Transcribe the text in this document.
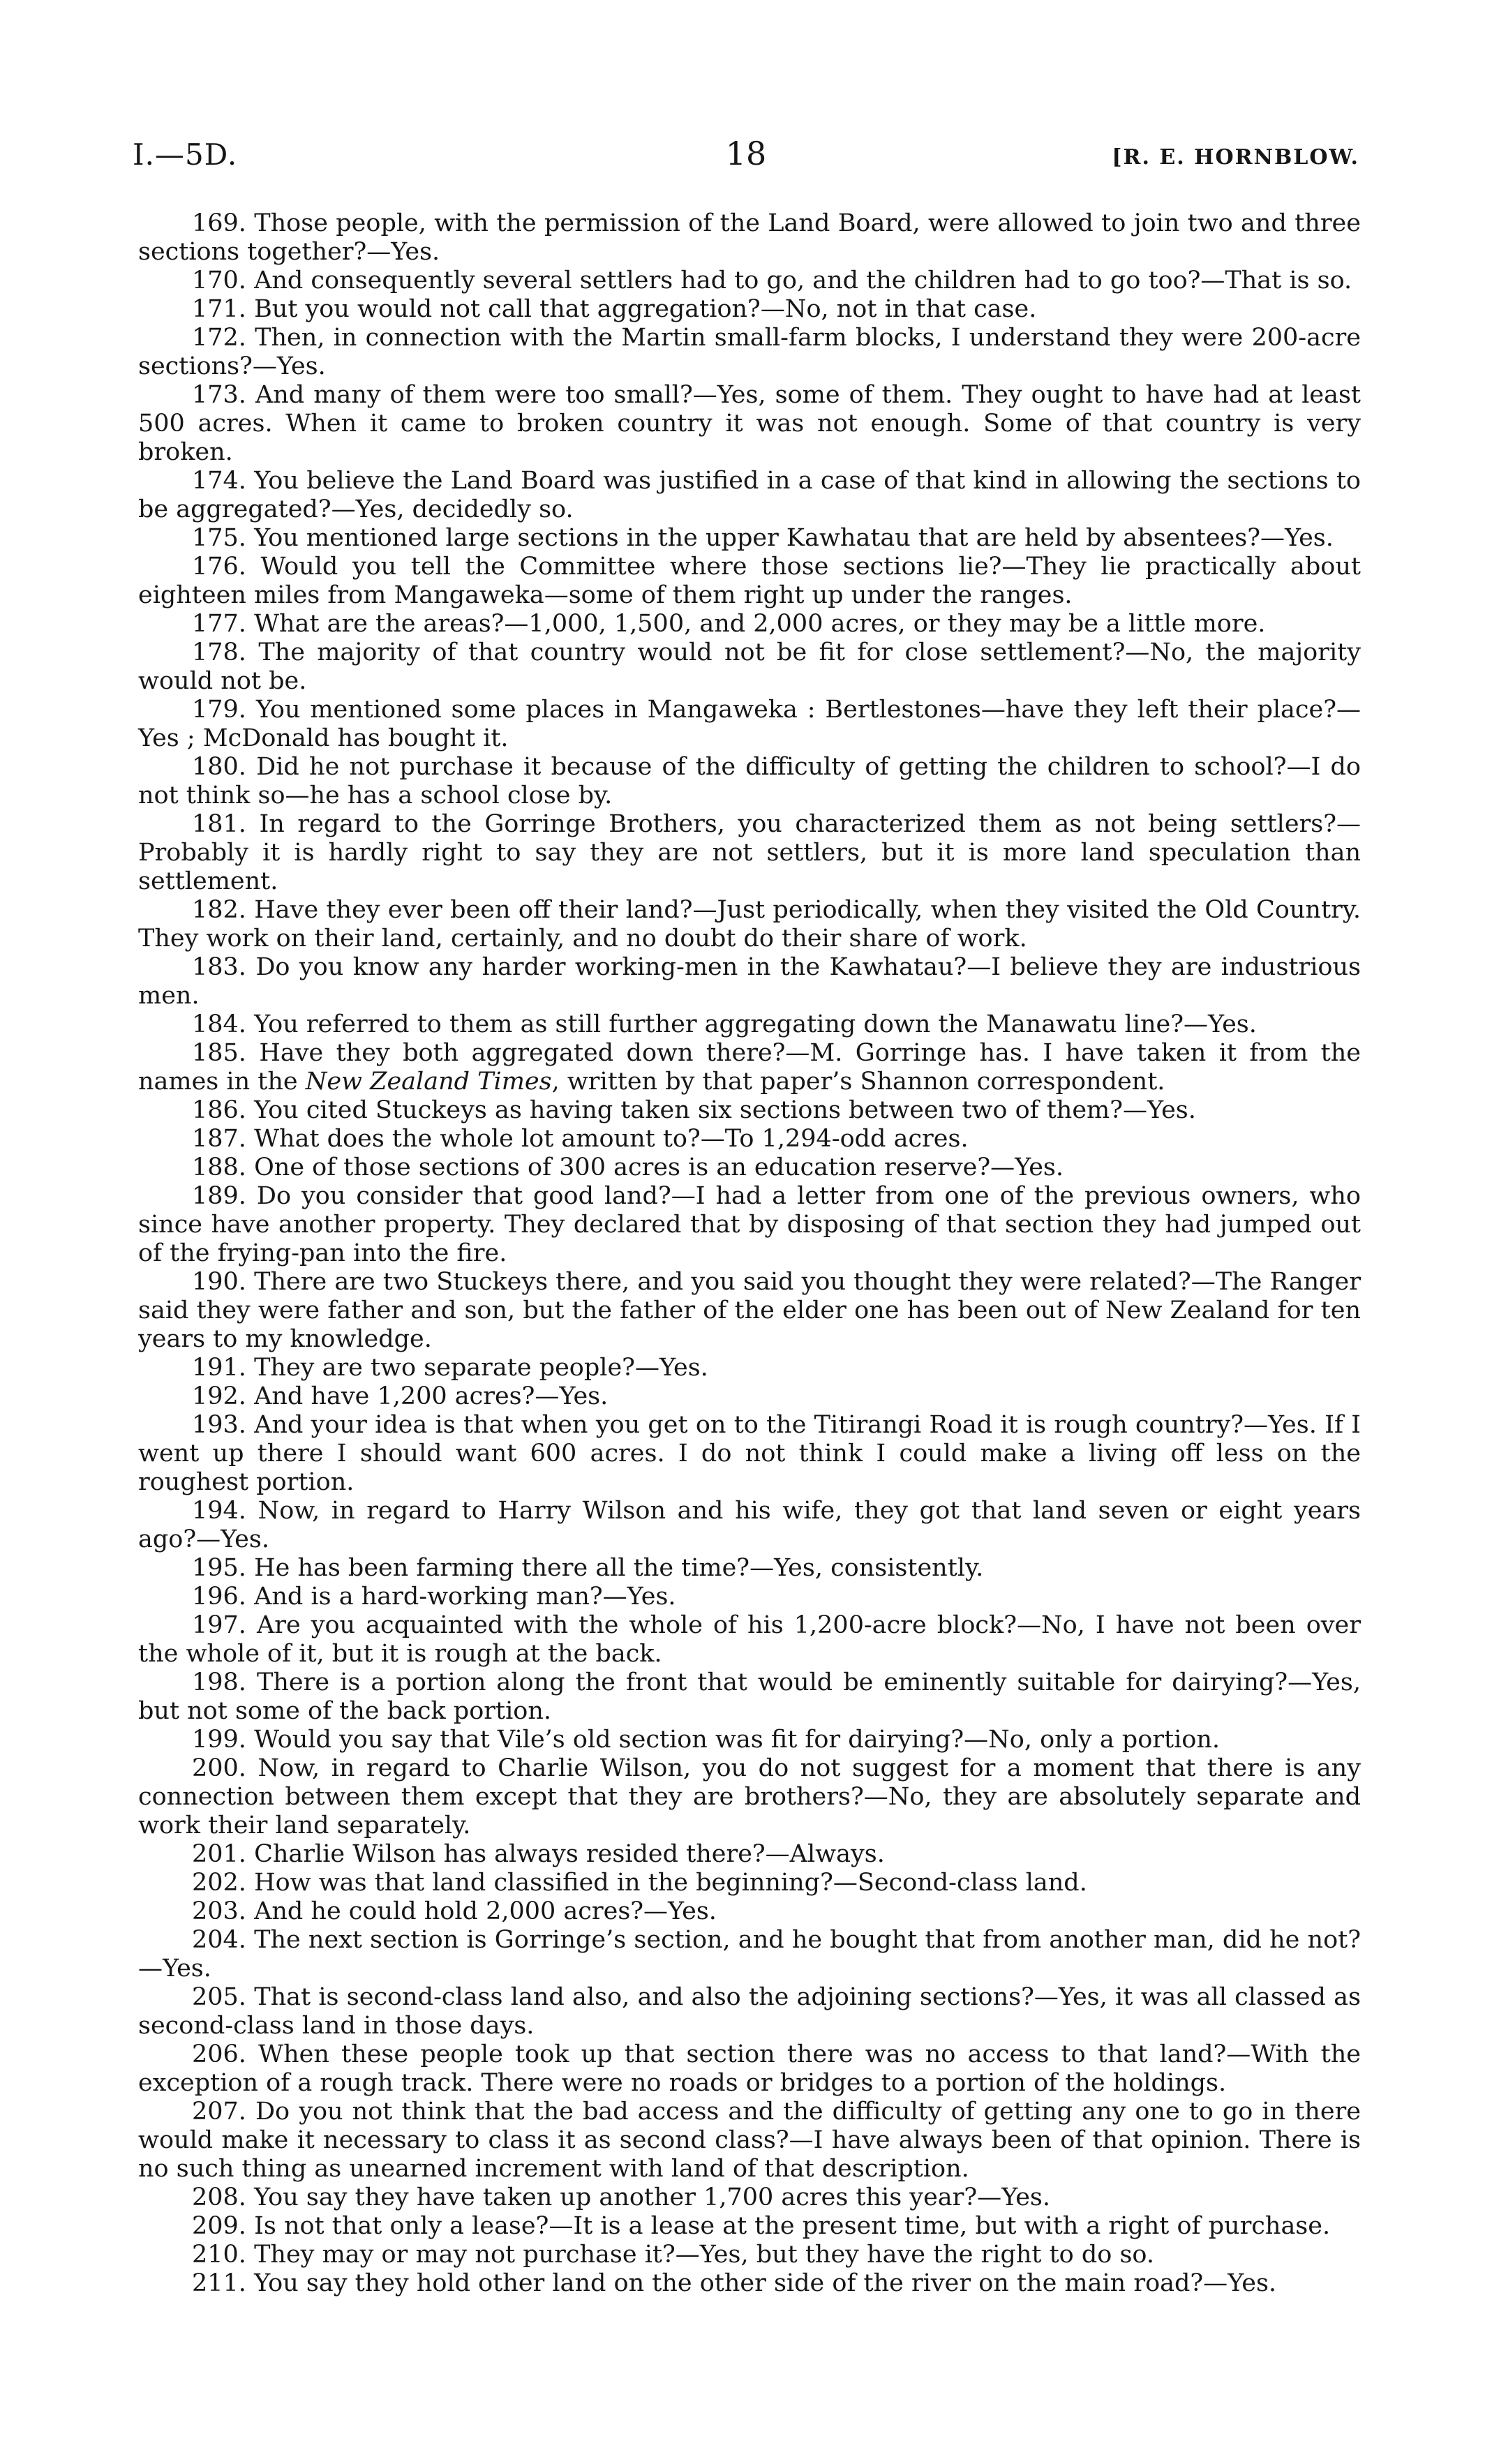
I.—5D.	18	[R. E. HORNBLOW.

169. Those people, with the permission of the Land Board, were allowed to join two and three sections together?—Yes.

170. And consequently several settlers had to go, and the children had to go too?—That is so.

171. But you would not call that aggregation?—No, not in that case.

172. Then, in connection with the Martin small-farm blocks, I understand they were 200-acre sections?—Yes.

173. And many of them were too small?—Yes, some of them. They ought to have had at least 500 acres. When it came to broken country it was not enough. Some of that country is very broken.

174. You believe the Land Board was justified in a case of that kind in allowing the sections to be aggregated?—Yes, decidedly so.

175. You mentioned large sections in the upper Kawhatau that are held by absentees?—Yes.

176. Would you tell the Committee where those sections lie?—They lie practically about eighteen miles from Mangaweka—some of them right up under the ranges.

177. What are the areas?—1,000, 1,500, and 2,000 acres, or they may be a little more.

178. The majority of that country would not be fit for close settlement?—No, the majority would not be.

179. You mentioned some places in Mangaweka : Bertlestones—have they left their place?—Yes ; McDonald has bought it.

180. Did he not purchase it because of the difficulty of getting the children to school?—I do not think so—he has a school close by.

181. In regard to the Gorringe Brothers, you characterized them as not being settlers?—Probably it is hardly right to say they are not settlers, but it is more land speculation than settlement.

182. Have they ever been off their land?—Just periodically, when they visited the Old Country. They work on their land, certainly, and no doubt do their share of work.

183. Do you know any harder working-men in the Kawhatau?—I believe they are industrious men.

184. You referred to them as still further aggregating down the Manawatu line?—Yes.

185. Have they both aggregated down there?—M. Gorringe has. I have taken it from the names in the New Zealand Times, written by that paper’s Shannon correspondent.

186. You cited Stuckeys as having taken six sections between two of them?—Yes.

187. What does the whole lot amount to?—To 1,294-odd acres.

188. One of those sections of 300 acres is an education reserve?—Yes.

189. Do you consider that good land?—I had a letter from one of the previous owners, who since have another property. They declared that by disposing of that section they had jumped out of the frying-pan into the fire.

190. There are two Stuckeys there, and you said you thought they were related?—The Ranger said they were father and son, but the father of the elder one has been out of New Zealand for ten years to my knowledge.

191. They are two separate people?—Yes.

192. And have 1,200 acres?—Yes.

193. And your idea is that when you get on to the Titirangi Road it is rough country?—Yes. If I went up there I should want 600 acres. I do not think I could make a living off less on the roughest portion.

194. Now, in regard to Harry Wilson and his wife, they got that land seven or eight years ago?—Yes.

195. He has been farming there all the time?—Yes, consistently.

196. And is a hard-working man?—Yes.

197. Are you acquainted with the whole of his 1,200-acre block?—No, I have not been over the whole of it, but it is rough at the back.

198. There is a portion along the front that would be eminently suitable for dairying?—Yes, but not some of the back portion.

199. Would you say that Vile’s old section was fit for dairying?—No, only a portion.

200. Now, in regard to Charlie Wilson, you do not suggest for a moment that there is any connection between them except that they are brothers?—No, they are absolutely separate and work their land separately.

201. Charlie Wilson has always resided there?—Always.

202. How was that land classified in the beginning?—Second-class land.

203. And he could hold 2,000 acres?—Yes.

204. The next section is Gorringe’s section, and he bought that from another man, did he not?—Yes.

205. That is second-class land also, and also the adjoining sections?—Yes, it was all classed as second-class land in those days.

206. When these people took up that section there was no access to that land?—With the exception of a rough track. There were no roads or bridges to a portion of the holdings.

207. Do you not think that the bad access and the difficulty of getting any one to go in there would make it necessary to class it as second class?—I have always been of that opinion. There is no such thing as unearned increment with land of that description.

208. You say they have taken up another 1,700 acres this year?—Yes.

209. Is not that only a lease?—It is a lease at the present time, but with a right of purchase.

210. They may or may not purchase it?—Yes, but they have the right to do so.

211. You say they hold other land on the other side of the river on the main road?—Yes.
